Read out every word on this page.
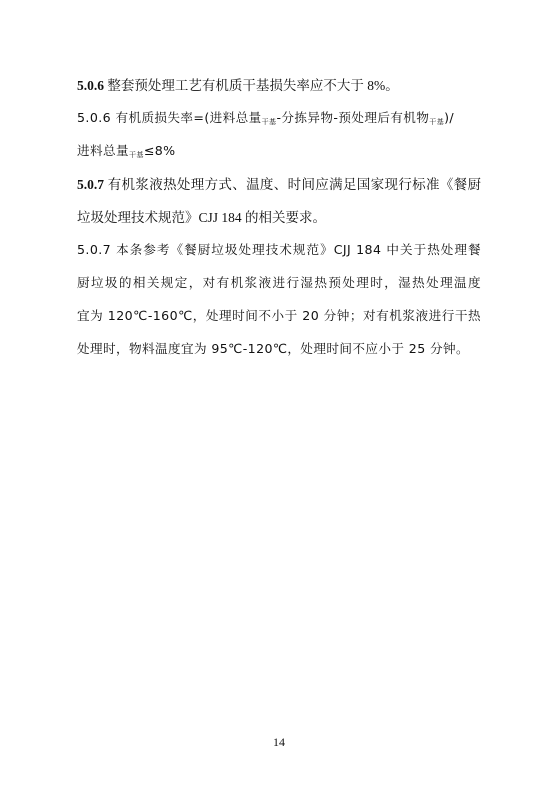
5.0.6 整套预处理工艺有机质干基损失率应不大于 8%。
5.0.6 有机质损失率=(进料总量$_{干基}$-分拣异物-预处理后有机物$_{干基}$)/
进料总量$_{干基}$≤8%
5.0.7 有机浆液热处理方式、温度、时间应满足国家现行标准《餐厨
垃圾处理技术规范》CJJ 184 的相关要求。
5.0.7 本条参考《餐厨垃圾处理技术规范》CJJ 184 中关于热处理餐
厨垃圾的相关规定，对有机浆液进行湿热预处理时，湿热处理温度
宜为 120℃-160℃，处理时间不小于 20 分钟；对有机浆液进行干热
处理时，物料温度宜为 95℃-120℃，处理时间不应小于 25 分钟。
14
